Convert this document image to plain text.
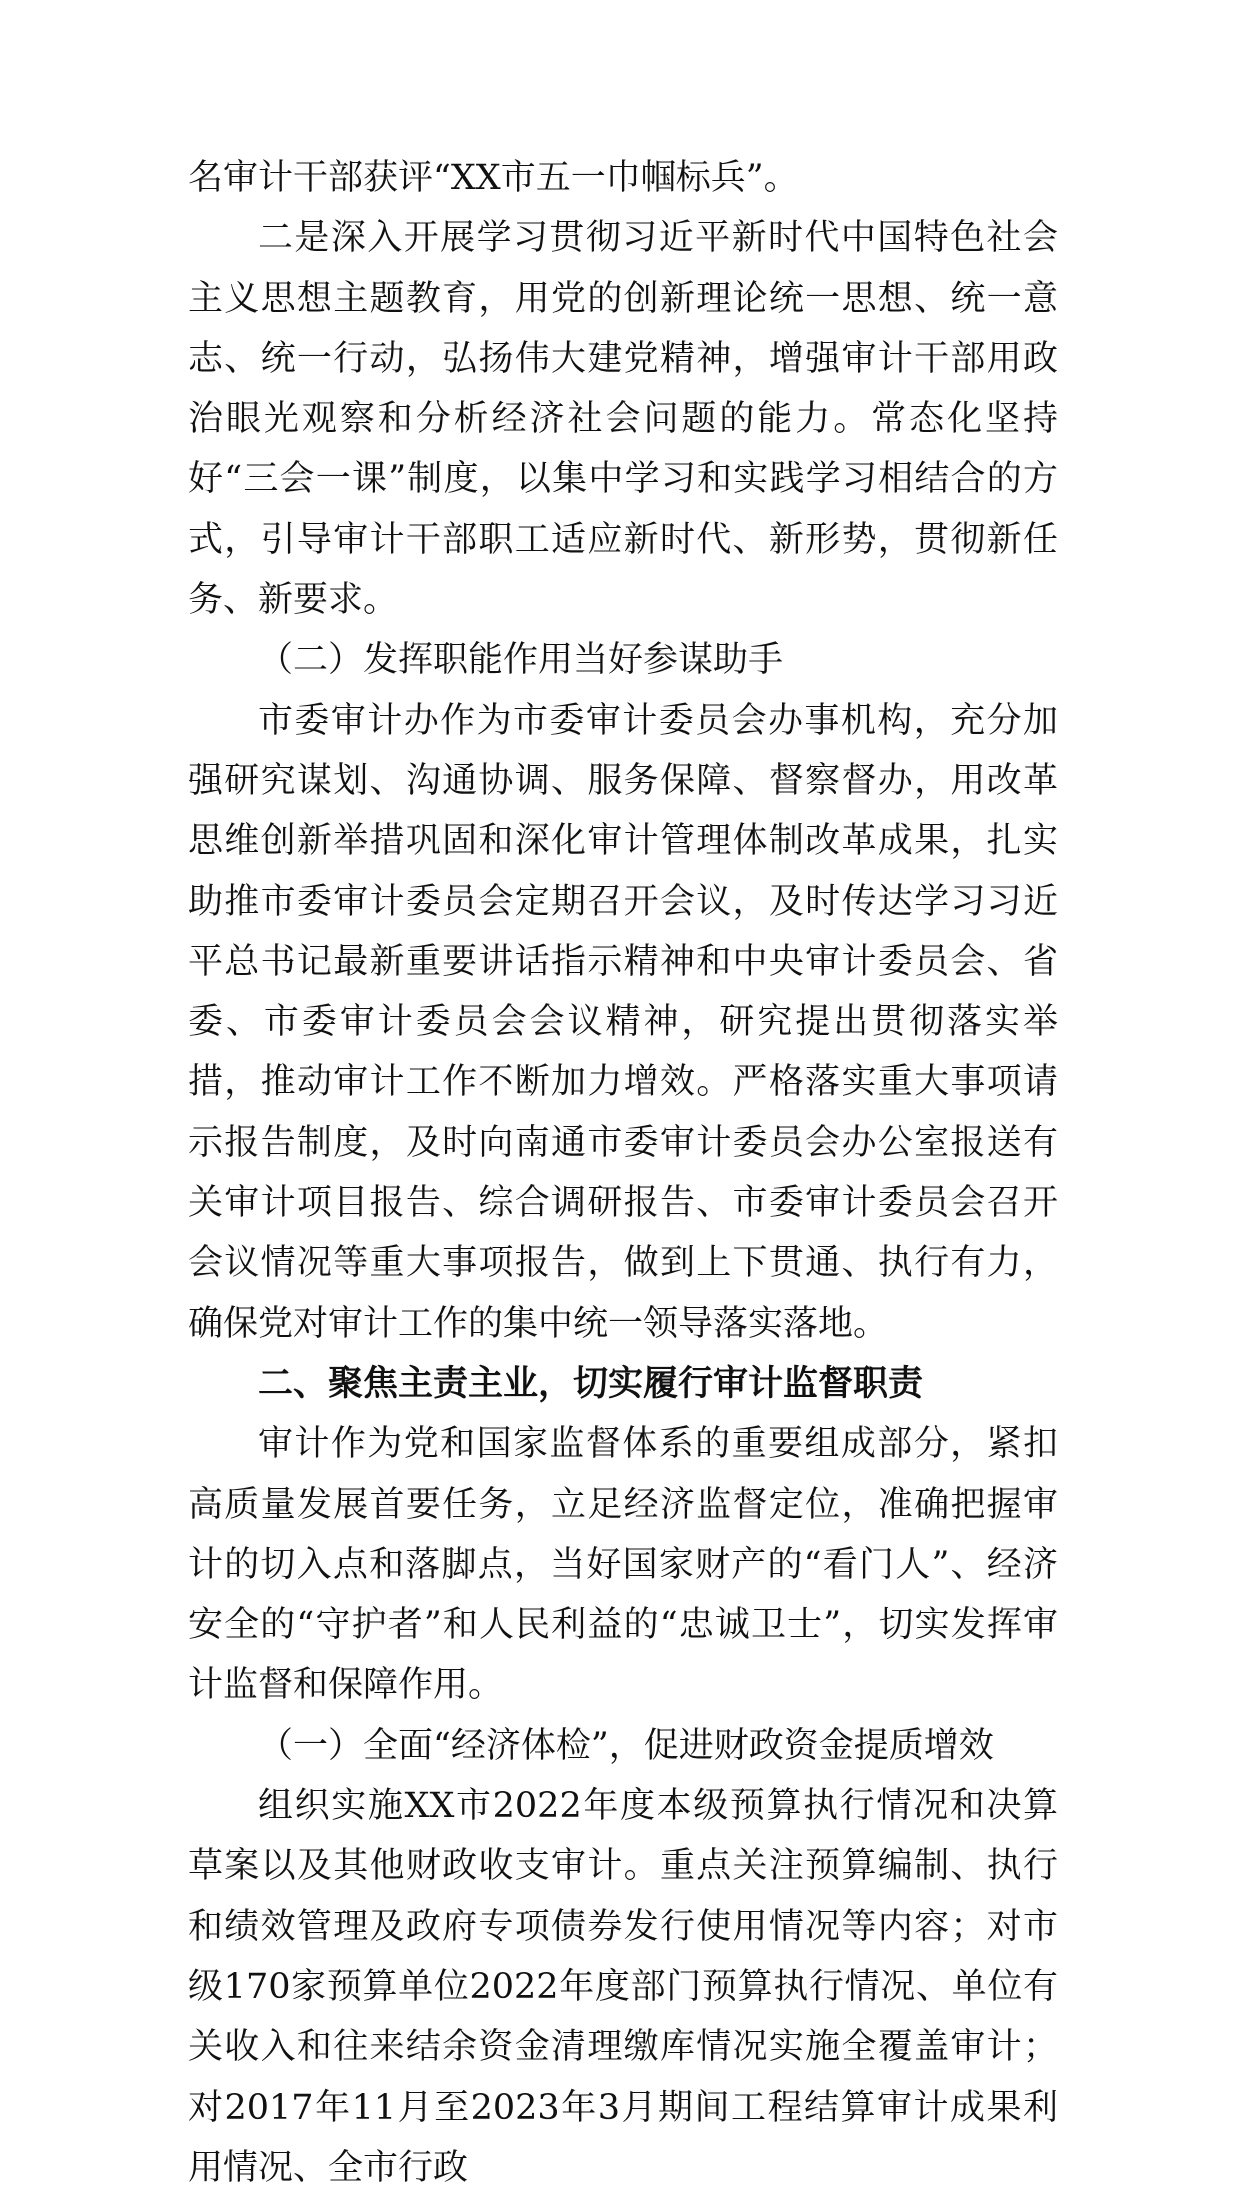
名审计干部获评“XX市五一巾帼标兵”。

二是深入开展学习贯彻习近平新时代中国特色社会主义思想主题教育，用党的创新理论统一思想、统一意志、统一行动，弘扬伟大建党精神，增强审计干部用政治眼光观察和分析经济社会问题的能力。常态化坚持好“三会一课”制度，以集中学习和实践学习相结合的方式，引导审计干部职工适应新时代、新形势，贯彻新任务、新要求。

（二）发挥职能作用当好参谋助手

市委审计办作为市委审计委员会办事机构，充分加强研究谋划、沟通协调、服务保障、督察督办，用改革思维创新举措巩固和深化审计管理体制改革成果，扎实助推市委审计委员会定期召开会议，及时传达学习习近平总书记最新重要讲话指示精神和中央审计委员会、省委、市委审计委员会会议精神，研究提出贯彻落实举措，推动审计工作不断加力增效。严格落实重大事项请示报告制度，及时向南通市委审计委员会办公室报送有关审计项目报告、综合调研报告、市委审计委员会召开会议情况等重大事项报告，做到上下贯通、执行有力，确保党对审计工作的集中统一领导落实落地。

二、聚焦主责主业，切实履行审计监督职责

审计作为党和国家监督体系的重要组成部分，紧扣高质量发展首要任务，立足经济监督定位，准确把握审计的切入点和落脚点，当好国家财产的“看门人”、经济安全的“守护者”和人民利益的“忠诚卫士”，切实发挥审计监督和保障作用。

（一）全面“经济体检”，促进财政资金提质增效

组织实施XX市2022年度本级预算执行情况和决算草案以及其他财政收支审计。重点关注预算编制、执行和绩效管理及政府专项债券发行使用情况等内容；对市级170家预算单位2022年度部门预算执行情况、单位有关收入和往来结余资金清理缴库情况实施全覆盖审计；对2017年11月至2023年3月期间工程结算审计成果利用情况、全市行政
